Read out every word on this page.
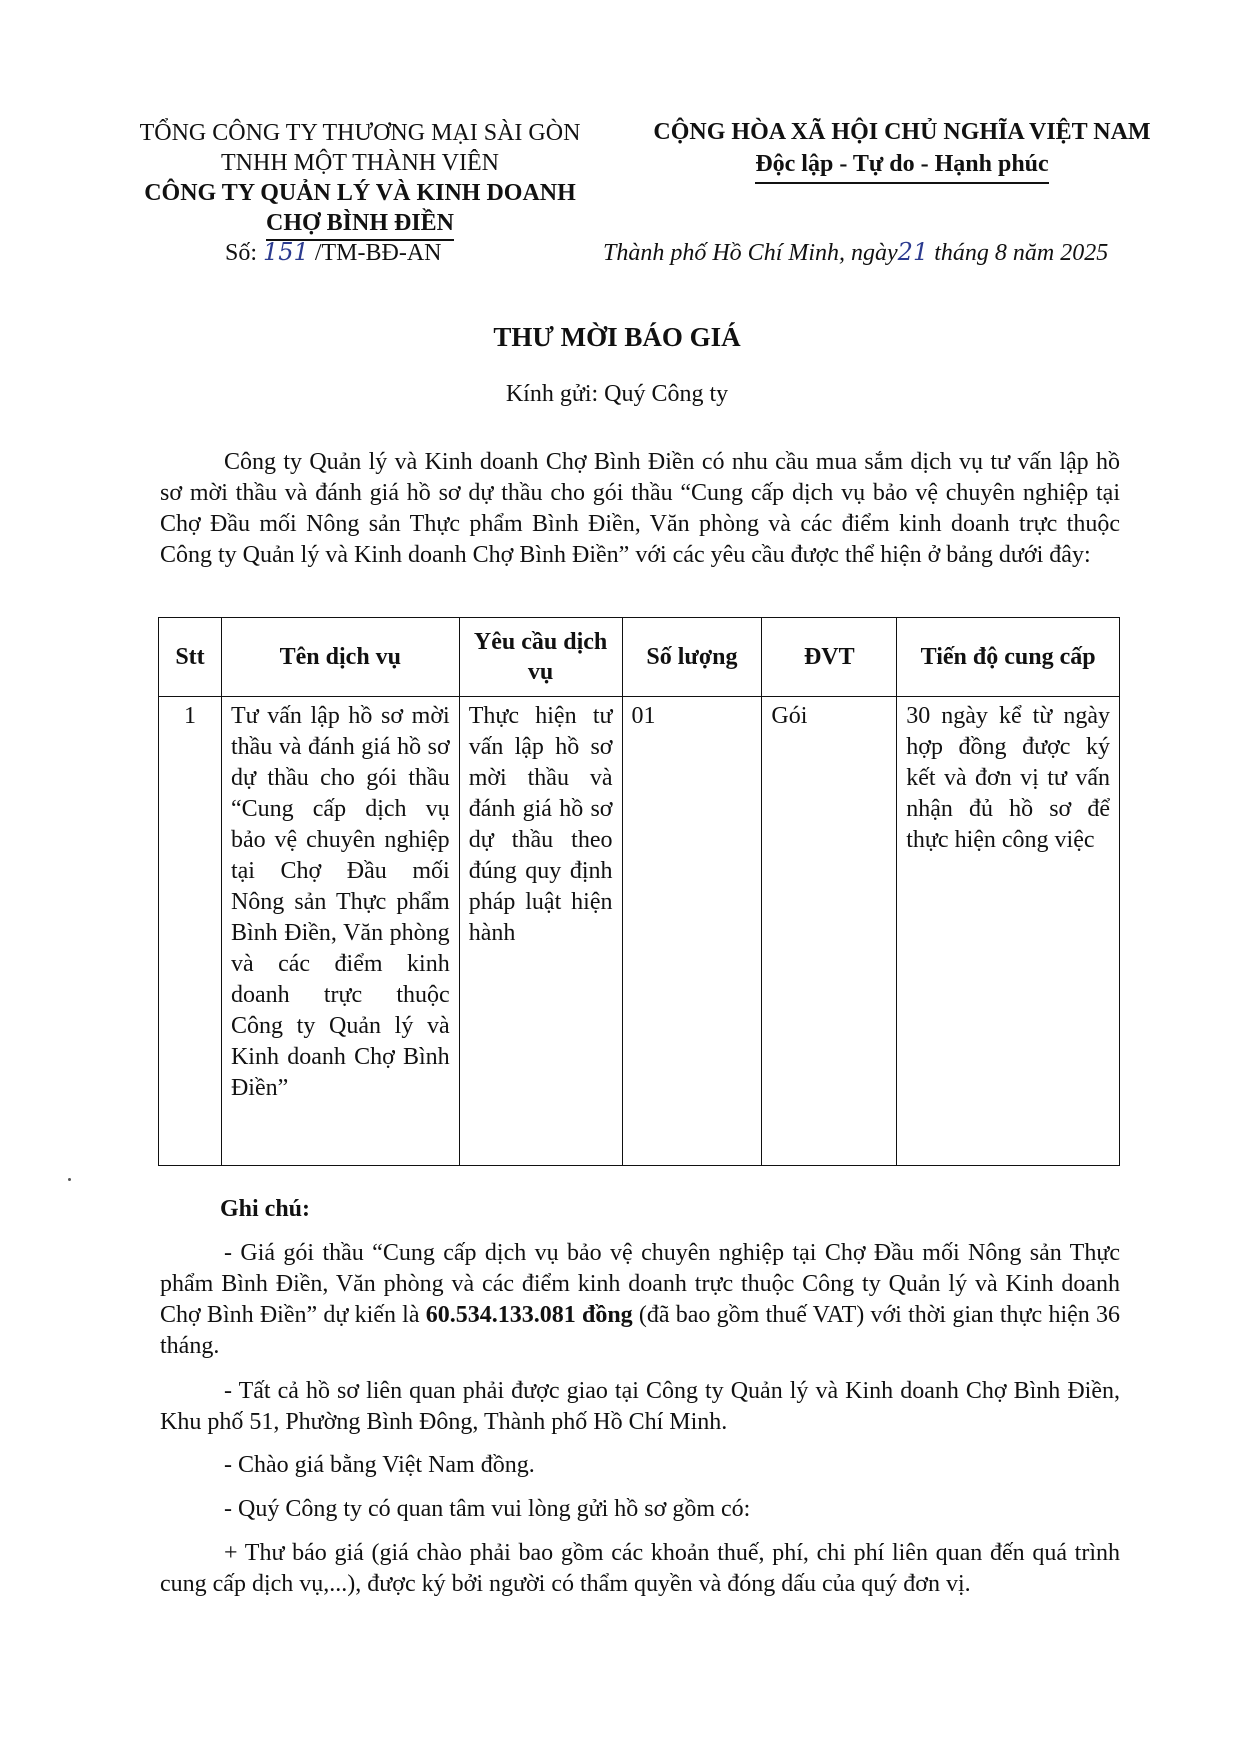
TỔNG CÔNG TY THƯƠNG MẠI SÀI GÒN
TNHH MỘT THÀNH VIÊN
CÔNG TY QUẢN LÝ VÀ KINH DOANH
CHỢ BÌNH ĐIỀN
Số: 151 /TM-BĐ-AN
CỘNG HÒA XÃ HỘI CHỦ NGHĨA VIỆT NAM
Độc lập - Tự do - Hạnh phúc
Thành phố Hồ Chí Minh, ngày21 tháng 8 năm 2025
THƯ MỜI BÁO GIÁ
Kính gửi: Quý Công ty
Công ty Quản lý và Kinh doanh Chợ Bình Điền có nhu cầu mua sắm dịch vụ tư vấn lập hồ sơ mời thầu và đánh giá hồ sơ dự thầu cho gói thầu “Cung cấp dịch vụ bảo vệ chuyên nghiệp tại Chợ Đầu mối Nông sản Thực phẩm Bình Điền, Văn phòng và các điểm kinh doanh trực thuộc Công ty Quản lý và Kinh doanh Chợ Bình Điền” với các yêu cầu được thể hiện ở bảng dưới đây:
Stt	Tên dịch vụ	Yêu cầu dịch vụ	Số lượng	ĐVT	Tiến độ cung cấp
1	Tư vấn lập hồ sơ mời thầu và đánh giá hồ sơ dự thầu cho gói thầu “Cung cấp dịch vụ bảo vệ chuyên nghiệp tại Chợ Đầu mối Nông sản Thực phẩm Bình Điền, Văn phòng và các điểm kinh doanh trực thuộc Công ty Quản lý và Kinh doanh Chợ Bình Điền”	Thực hiện tư vấn lập hồ sơ mời thầu và đánh giá hồ sơ dự thầu theo đúng quy định pháp luật hiện hành	01	Gói	30 ngày kể từ ngày hợp đồng được ký kết và đơn vị tư vấn nhận đủ hồ sơ để thực hiện công việc
Ghi chú:
- Giá gói thầu “Cung cấp dịch vụ bảo vệ chuyên nghiệp tại Chợ Đầu mối Nông sản Thực phẩm Bình Điền, Văn phòng và các điểm kinh doanh trực thuộc Công ty Quản lý và Kinh doanh Chợ Bình Điền” dự kiến là 60.534.133.081 đồng (đã bao gồm thuế VAT) với thời gian thực hiện 36 tháng.
- Tất cả hồ sơ liên quan phải được giao tại Công ty Quản lý và Kinh doanh Chợ Bình Điền, Khu phố 51, Phường Bình Đông, Thành phố Hồ Chí Minh.
- Chào giá bằng Việt Nam đồng.
- Quý Công ty có quan tâm vui lòng gửi hồ sơ gồm có:
+ Thư báo giá (giá chào phải bao gồm các khoản thuế, phí, chi phí liên quan đến quá trình cung cấp dịch vụ,...), được ký bởi người có thẩm quyền và đóng dấu của quý đơn vị.
